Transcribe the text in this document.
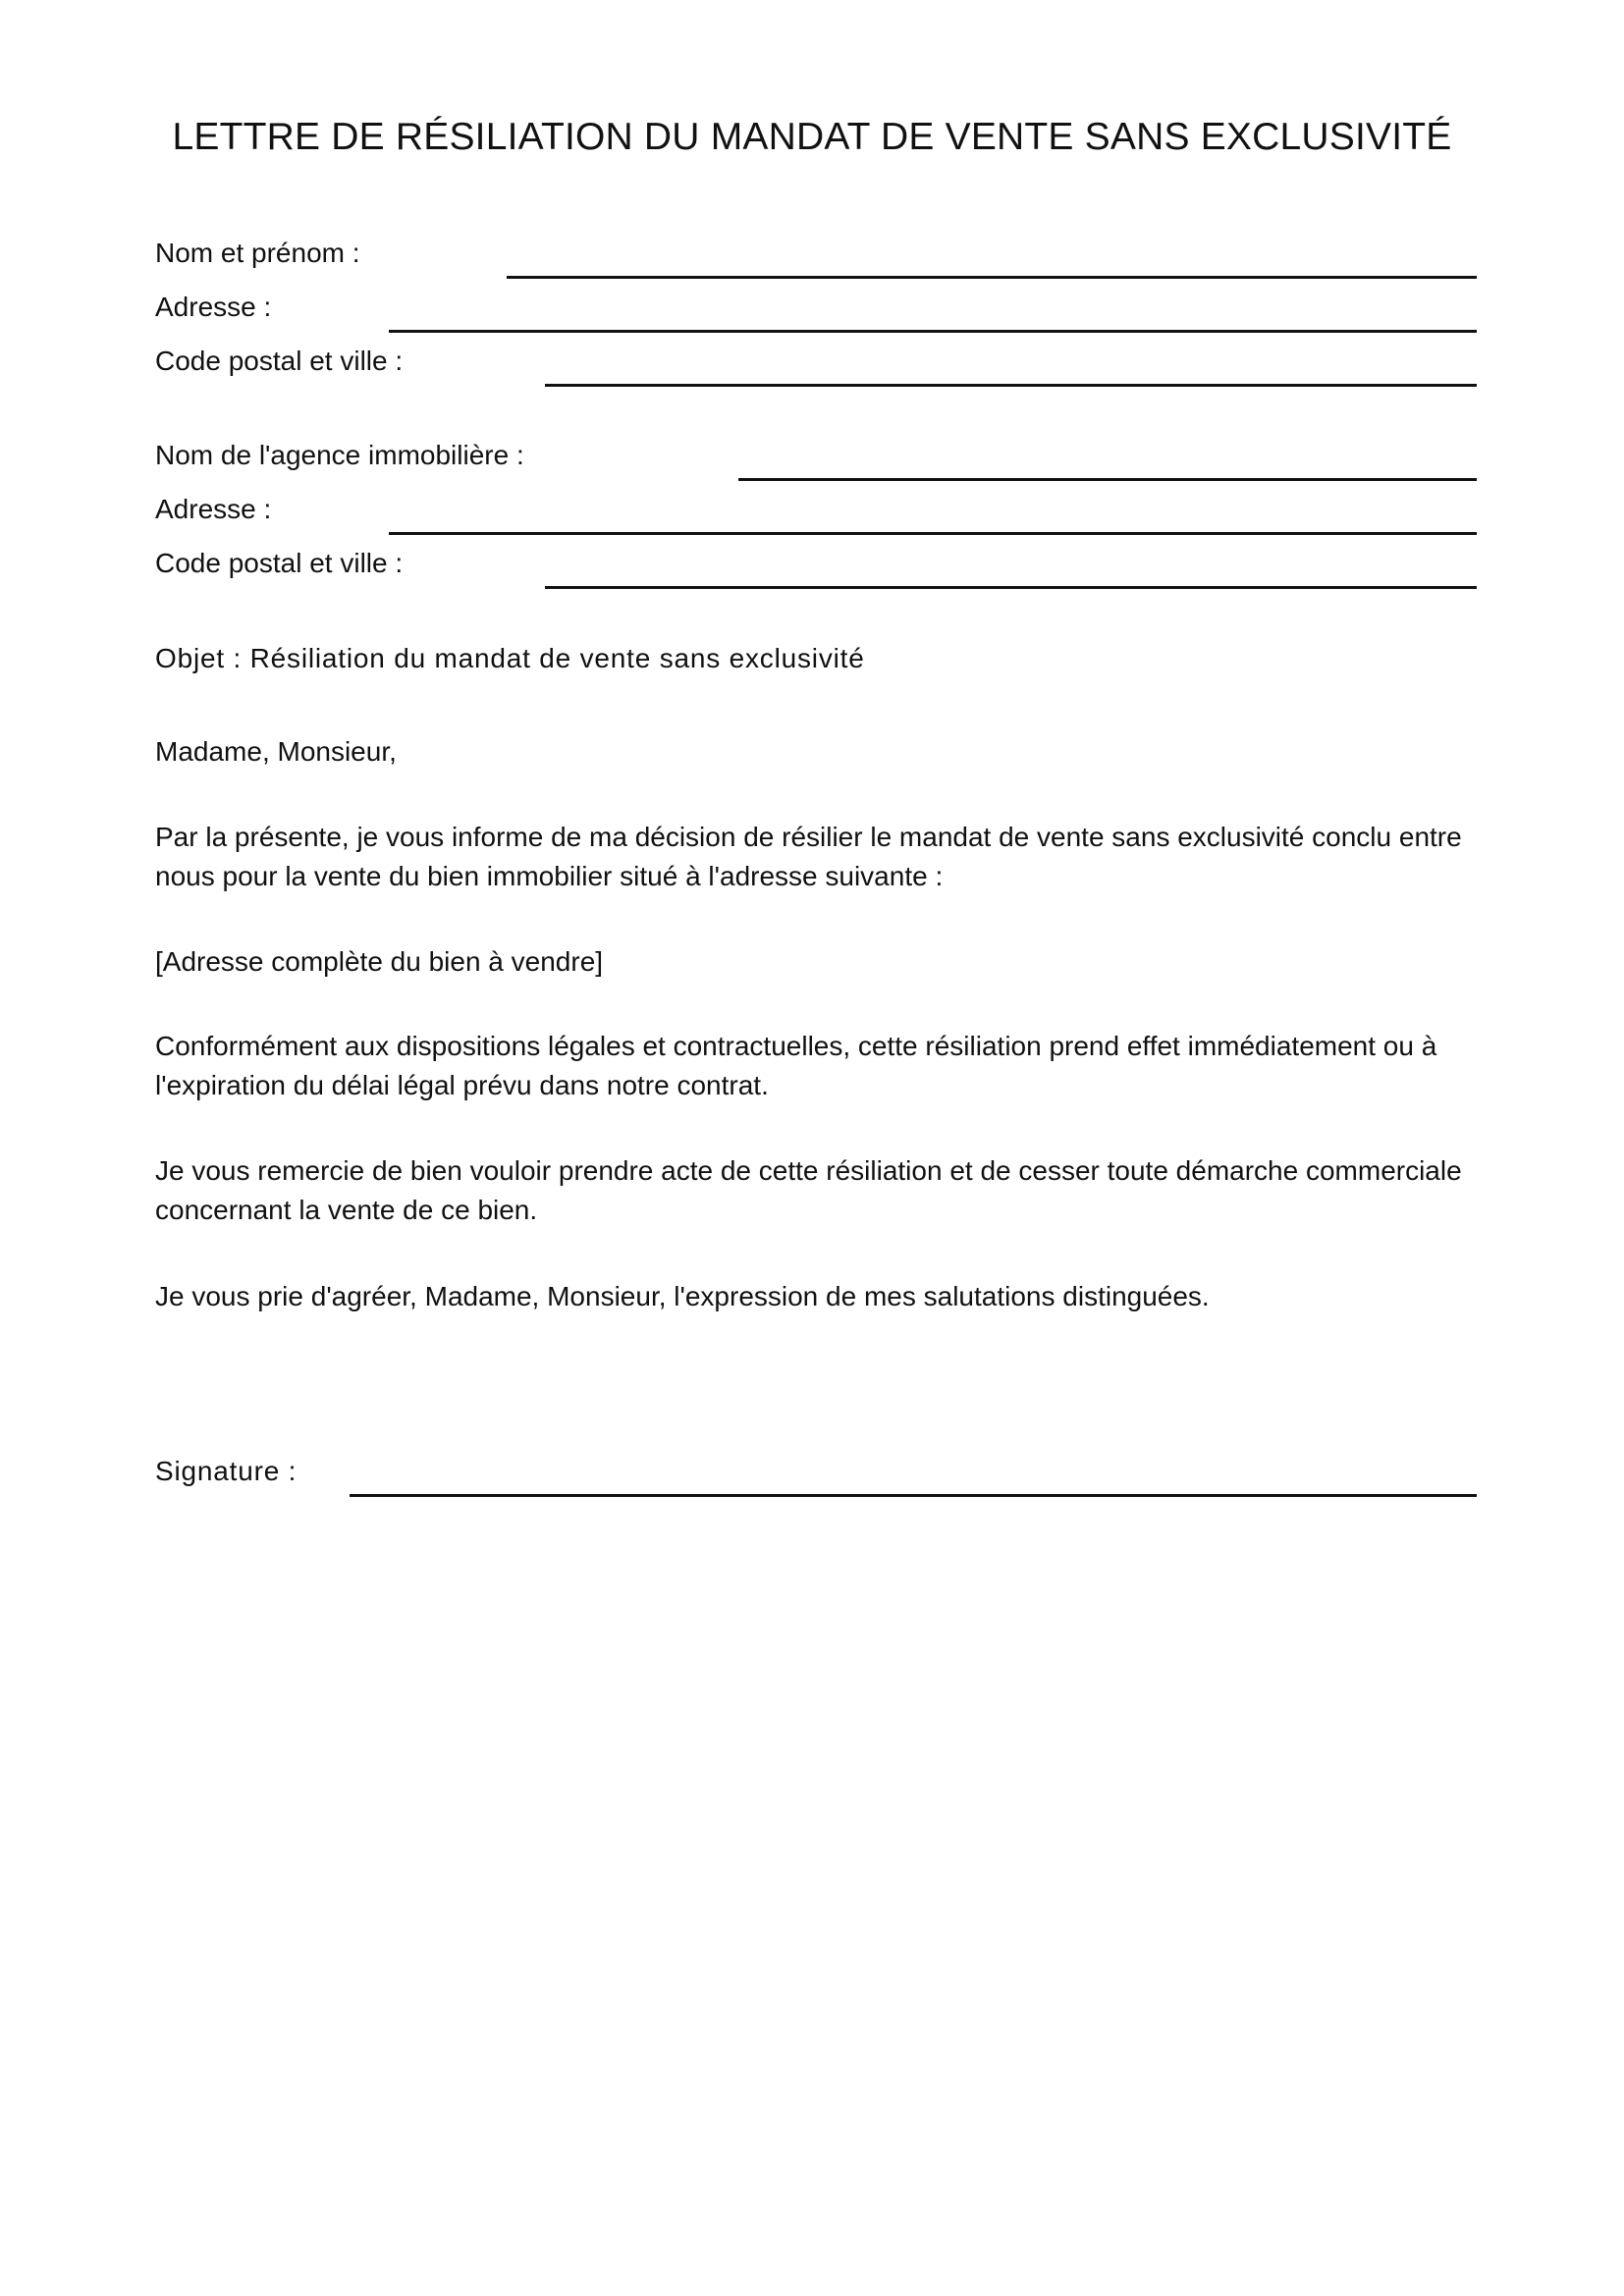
LETTRE DE RÉSILIATION DU MANDAT DE VENTE SANS EXCLUSIVITÉ
Nom et prénom :
Adresse :
Code postal et ville :
Nom de l'agence immobilière :
Adresse :
Code postal et ville :
Objet : Résiliation du mandat de vente sans exclusivité
Madame, Monsieur,
Par la présente, je vous informe de ma décision de résilier le mandat de vente sans exclusivité conclu entre nous pour la vente du bien immobilier situé à l'adresse suivante :
[Adresse complète du bien à vendre]
Conformément aux dispositions légales et contractuelles, cette résiliation prend effet immédiatement ou à l'expiration du délai légal prévu dans notre contrat.
Je vous remercie de bien vouloir prendre acte de cette résiliation et de cesser toute démarche commerciale concernant la vente de ce bien.
Je vous prie d'agréer, Madame, Monsieur, l'expression de mes salutations distinguées.
Signature :
